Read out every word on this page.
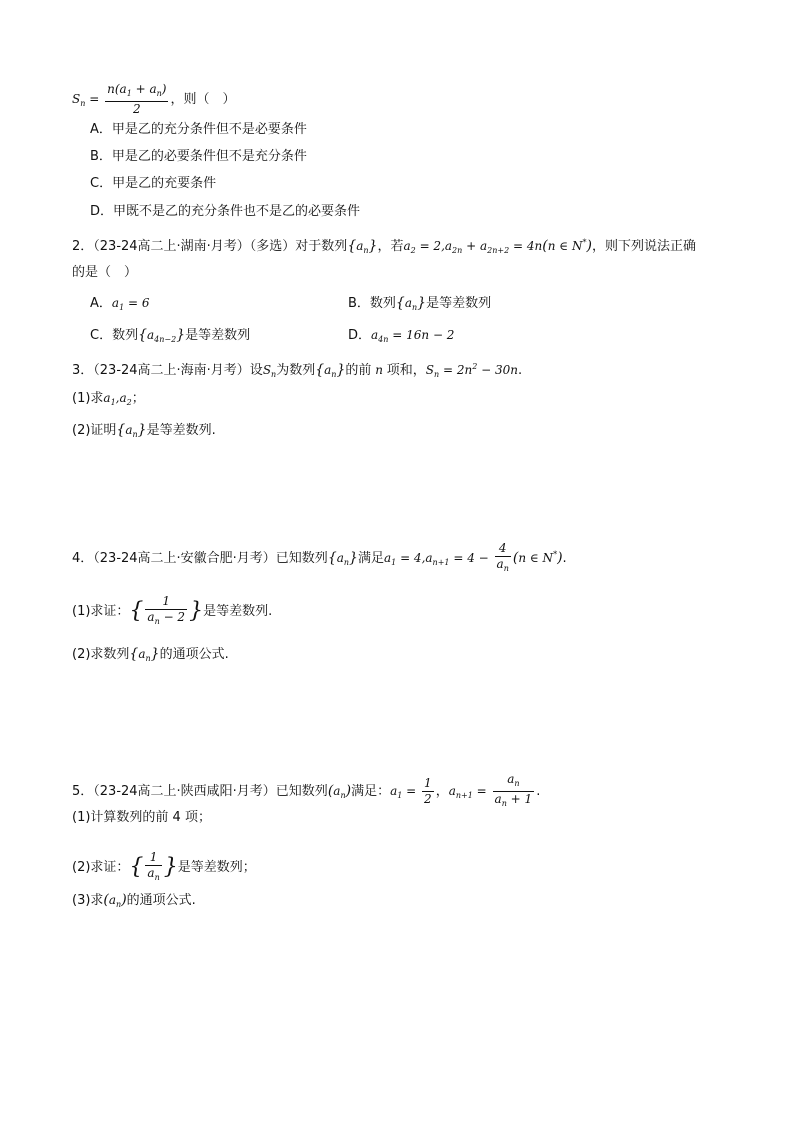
$S_n = \frac{n(a_1 + a_n)}{2}$ ，则（　）
A．甲是乙的充分条件但不是必要条件
B．甲是乙的必要条件但不是充分条件
C．甲是乙的充要条件
D．甲既不是乙的充分条件也不是乙的必要条件
2．（23-24高二上·湖南·月考）（多选）对于数列$\{a_n\}$，若$a_2 = 2,a_{2n} + a_{2n+2} = 4n(n$ ∈ N*)，则下列说法正确
的是（　）
A．$a_1 = 6$	B．数列$\{a_n\}$是等差数列
C．数列$\{a_{4n-2}\}$是等差数列	D．$a_{4n} = 16n - 2$
3．（23-24高二上·海南·月考）设$S_n$为数列$\{a_n\}$的前 n 项和，$S_n = 2n^2 - 30n$.
(1)求$a_1,a_2$；
(2)证明$\{a_n\}$是等差数列.
4．（23-24高二上·安徽合肥·月考）已知数列$\{a_n\}$满足$a_1 = 4,a_{n+1} = 4 - \frac{4}{a_n} (n$ ∈ N*).
(1)求证：{ $\frac{1}{a_n - 2}$ }是等差数列.
(2)求数列$\{a_n\}$的通项公式.
5．（23-24高二上·陕西咸阳·月考）已知数列$(a_n)$满足：$a_1 = \frac{1}{2}$ ，$a_{n+1} = \frac{a_n}{a_n + 1}$ .
(1)计算数列的前 4 项；
(2)求证：{ $\frac{1}{a_n}$ }是等差数列；
(3)求$(a_n)$的通项公式.
